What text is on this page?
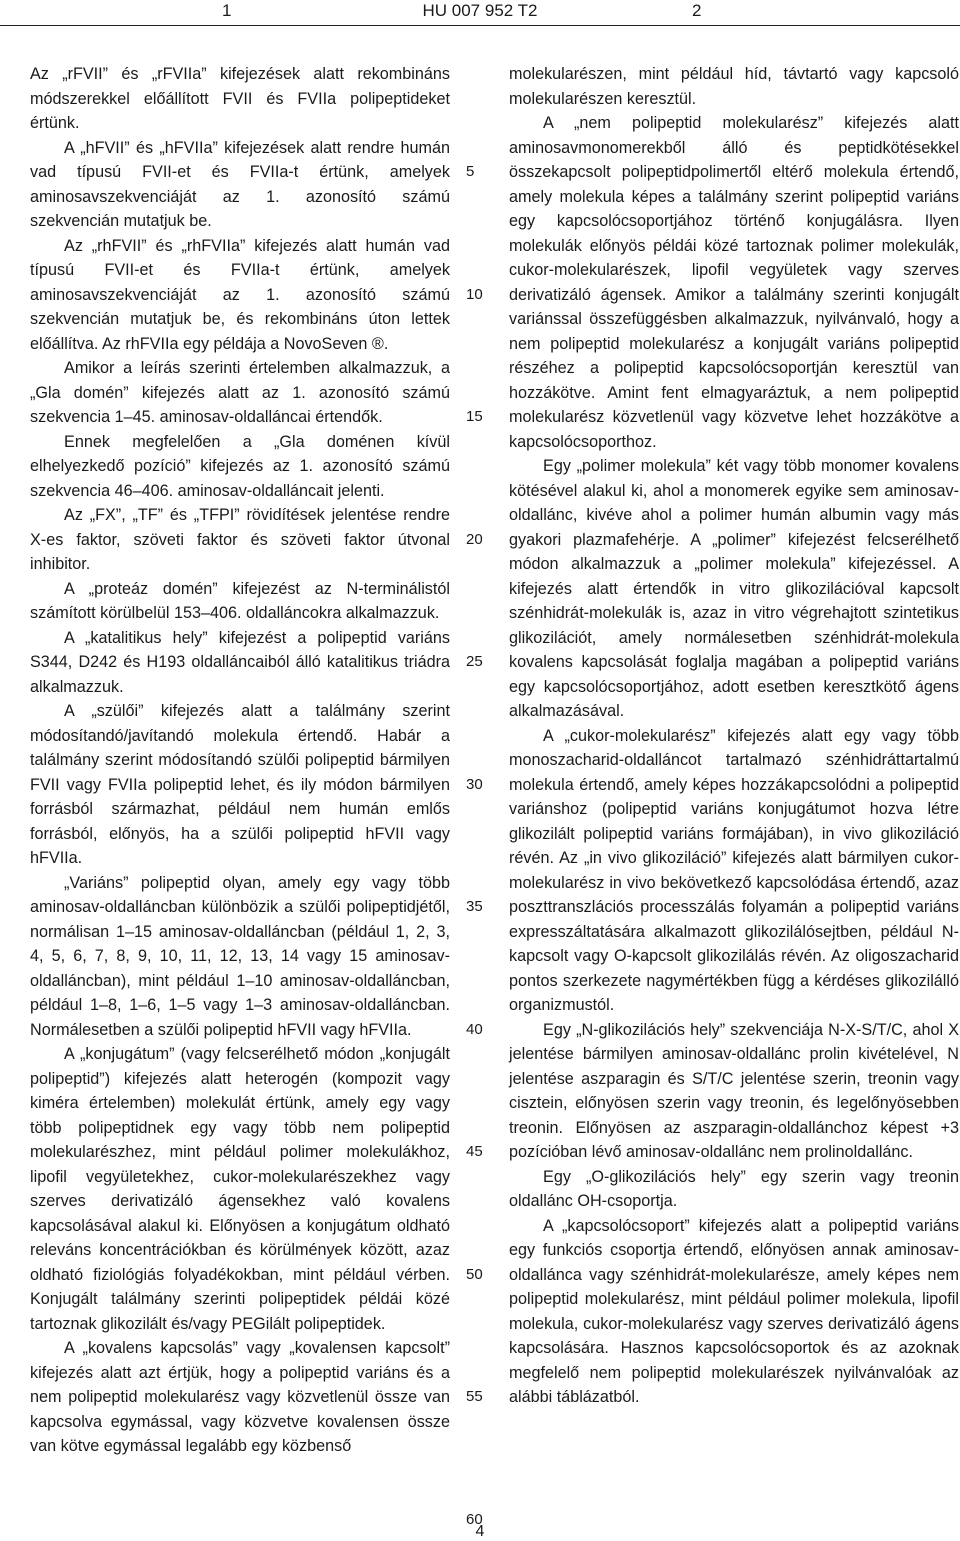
1	HU 007 952 T2	2

Az „rFVII” és „rFVIIa” kifejezések alatt rekombináns módszerekkel előállított FVII és FVIIa polipeptideket értünk.

A „hFVII” és „hFVIIa” kifejezések alatt rendre humán vad típusú FVII-et és FVIIa-t értünk, amelyek aminosavszekvenciáját az 1. azonosító számú szekvencián mutatjuk be.

Az „rhFVII” és „rhFVIIa” kifejezés alatt humán vad típusú FVII-et és FVIIa-t értünk, amelyek aminosavszekvenciáját az 1. azonosító számú szekvencián mutatjuk be, és rekombináns úton lettek előállítva. Az rhFVIIa egy példája a NovoSeven ®.

Amikor a leírás szerinti értelemben alkalmazzuk, a „Gla domén” kifejezés alatt az 1. azonosító számú szekvencia 1–45. aminosav-oldalláncai értendők.

Ennek megfelelően a „Gla doménen kívül elhelyezkedő pozíció” kifejezés az 1. azonosító számú szekvencia 46–406. aminosav-oldalláncait jelenti.

Az „FX”, „TF” és „TFPI” rövidítések jelentése rendre X-es faktor, szöveti faktor és szöveti faktor útvonal inhibitor.

A „proteáz domén” kifejezést az N-terminálistól számított körülbelül 153–406. oldalláncokra alkalmazzuk.

A „katalitikus hely” kifejezést a polipeptid variáns S344, D242 és H193 oldalláncaiból álló katalitikus triádra alkalmazzuk.

A „szülői” kifejezés alatt a találmány szerint módosítandó/javítandó molekula értendő. Habár a találmány szerint módosítandó szülői polipeptid bármilyen FVII vagy FVIIa polipeptid lehet, és ily módon bármilyen forrásból származhat, például nem humán emlős forrásból, előnyös, ha a szülői polipeptid hFVII vagy hFVIIa.

„Variáns” polipeptid olyan, amely egy vagy több aminosav-oldalláncban különbözik a szülői polipeptidjétől, normálisan 1–15 aminosav-oldalláncban (például 1, 2, 3, 4, 5, 6, 7, 8, 9, 10, 11, 12, 13, 14 vagy 15 aminosav-oldalláncban), mint például 1–10 aminosav-oldalláncban, például 1–8, 1–6, 1–5 vagy 1–3 aminosav-oldalláncban. Normálesetben a szülői polipeptid hFVII vagy hFVIIa.

A „konjugátum” (vagy felcserélhető módon „konjugált polipeptid”) kifejezés alatt heterogén (kompozit vagy kiméra értelemben) molekulát értünk, amely egy vagy több polipeptidnek egy vagy több nem polipeptid molekularészhez, mint például polimer molekulákhoz, lipofil vegyületekhez, cukor-molekularészekhez vagy szerves derivatizáló ágensekhez való kovalens kapcsolásával alakul ki. Előnyösen a konjugátum oldható releváns koncentrációkban és körülmények között, azaz oldható fiziológiás folyadékokban, mint például vérben. Konjugált találmány szerinti polipeptidek példái közé tartoznak glikozilált és/vagy PEGilált polipeptidek.

A „kovalens kapcsolás” vagy „kovalensen kapcsolt” kifejezés alatt azt értjük, hogy a polipeptid variáns és a nem polipeptid molekularész vagy közvetlenül össze van kapcsolva egymással, vagy közvetve kovalensen össze van kötve egymással legalább egy közbenső

molekularészen, mint például híd, távtartó vagy kapcsoló molekularészen keresztül.

A „nem polipeptid molekularész” kifejezés alatt aminosavmonomerekből álló és peptidkötésekkel összekapcsolt polipeptidpolimertől eltérő molekula értendő, amely molekula képes a találmány szerint polipeptid variáns egy kapcsolócsoportjához történő konjugálásra. Ilyen molekulák előnyös példái közé tartoznak polimer molekulák, cukor-molekularészek, lipofil vegyületek vagy szerves derivatizáló ágensek. Amikor a találmány szerinti konjugált variánssal összefüggésben alkalmazzuk, nyilvánvaló, hogy a nem polipeptid molekularész a konjugált variáns polipeptid részéhez a polipeptid kapcsolócsoportján keresztül van hozzákötve. Amint fent elmagyaráztuk, a nem polipeptid molekularész közvetlenül vagy közvetve lehet hozzákötve a kapcsolócsoporthoz.

Egy „polimer molekula” két vagy több monomer kovalens kötésével alakul ki, ahol a monomerek egyike sem aminosav-oldallánc, kivéve ahol a polimer humán albumin vagy más gyakori plazmafehérje. A „polimer” kifejezést felcserélhető módon alkalmazzuk a „polimer molekula” kifejezéssel. A kifejezés alatt értendők in vitro glikozilációval kapcsolt szénhidrát-molekulák is, azaz in vitro végrehajtott szintetikus glikozilációt, amely normálesetben szénhidrát-molekula kovalens kapcsolását foglalja magában a polipeptid variáns egy kapcsolócsoportjához, adott esetben keresztkötő ágens alkalmazásával.

A „cukor-molekularész” kifejezés alatt egy vagy több monoszacharid-oldalláncot tartalmazó szénhidráttartalmú molekula értendő, amely képes hozzákapcsolódni a polipeptid variánshoz (polipeptid variáns konjugátumot hozva létre glikozilált polipeptid variáns formájában), in vivo glikoziláció révén. Az „in vivo glikoziláció” kifejezés alatt bármilyen cukor-molekularész in vivo bekövetkező kapcsolódása értendő, azaz poszttranszlációs processzálás folyamán a polipeptid variáns expresszáltatására alkalmazott glikozilálósejtben, például N-kapcsolt vagy O-kapcsolt glikozilálás révén. Az oligoszacharid pontos szerkezete nagymértékben függ a kérdéses glikozilálló organizmustól.

Egy „N-glikozilációs hely” szekvenciája N-X-S/T/C, ahol X jelentése bármilyen aminosav-oldallánc prolin kivételével, N jelentése aszparagin és S/T/C jelentése szerin, treonin vagy cisztein, előnyösen szerin vagy treonin, és legelőnyösebben treonin. Előnyösen az aszparagin-oldallánchoz képest +3 pozícióban lévő aminosav-oldallánc nem prolinoldallánc.

Egy „O-glikozilációs hely” egy szerin vagy treonin oldallánc OH-csoportja.

A „kapcsolócsoport” kifejezés alatt a polipeptid variáns egy funkciós csoportja értendő, előnyösen annak aminosav-oldallánca vagy szénhidrát-molekularésze, amely képes nem polipeptid molekularész, mint például polimer molekula, lipofil molekula, cukor-molekularész vagy szerves derivatizáló ágens kapcsolására. Hasznos kapcsolócsoportok és az azoknak megfelelő nem polipeptid molekularészek nyilvánvalóak az alábbi táblázatból.

5
10
15
20
25
30
35
40
45
50
55
60
4
